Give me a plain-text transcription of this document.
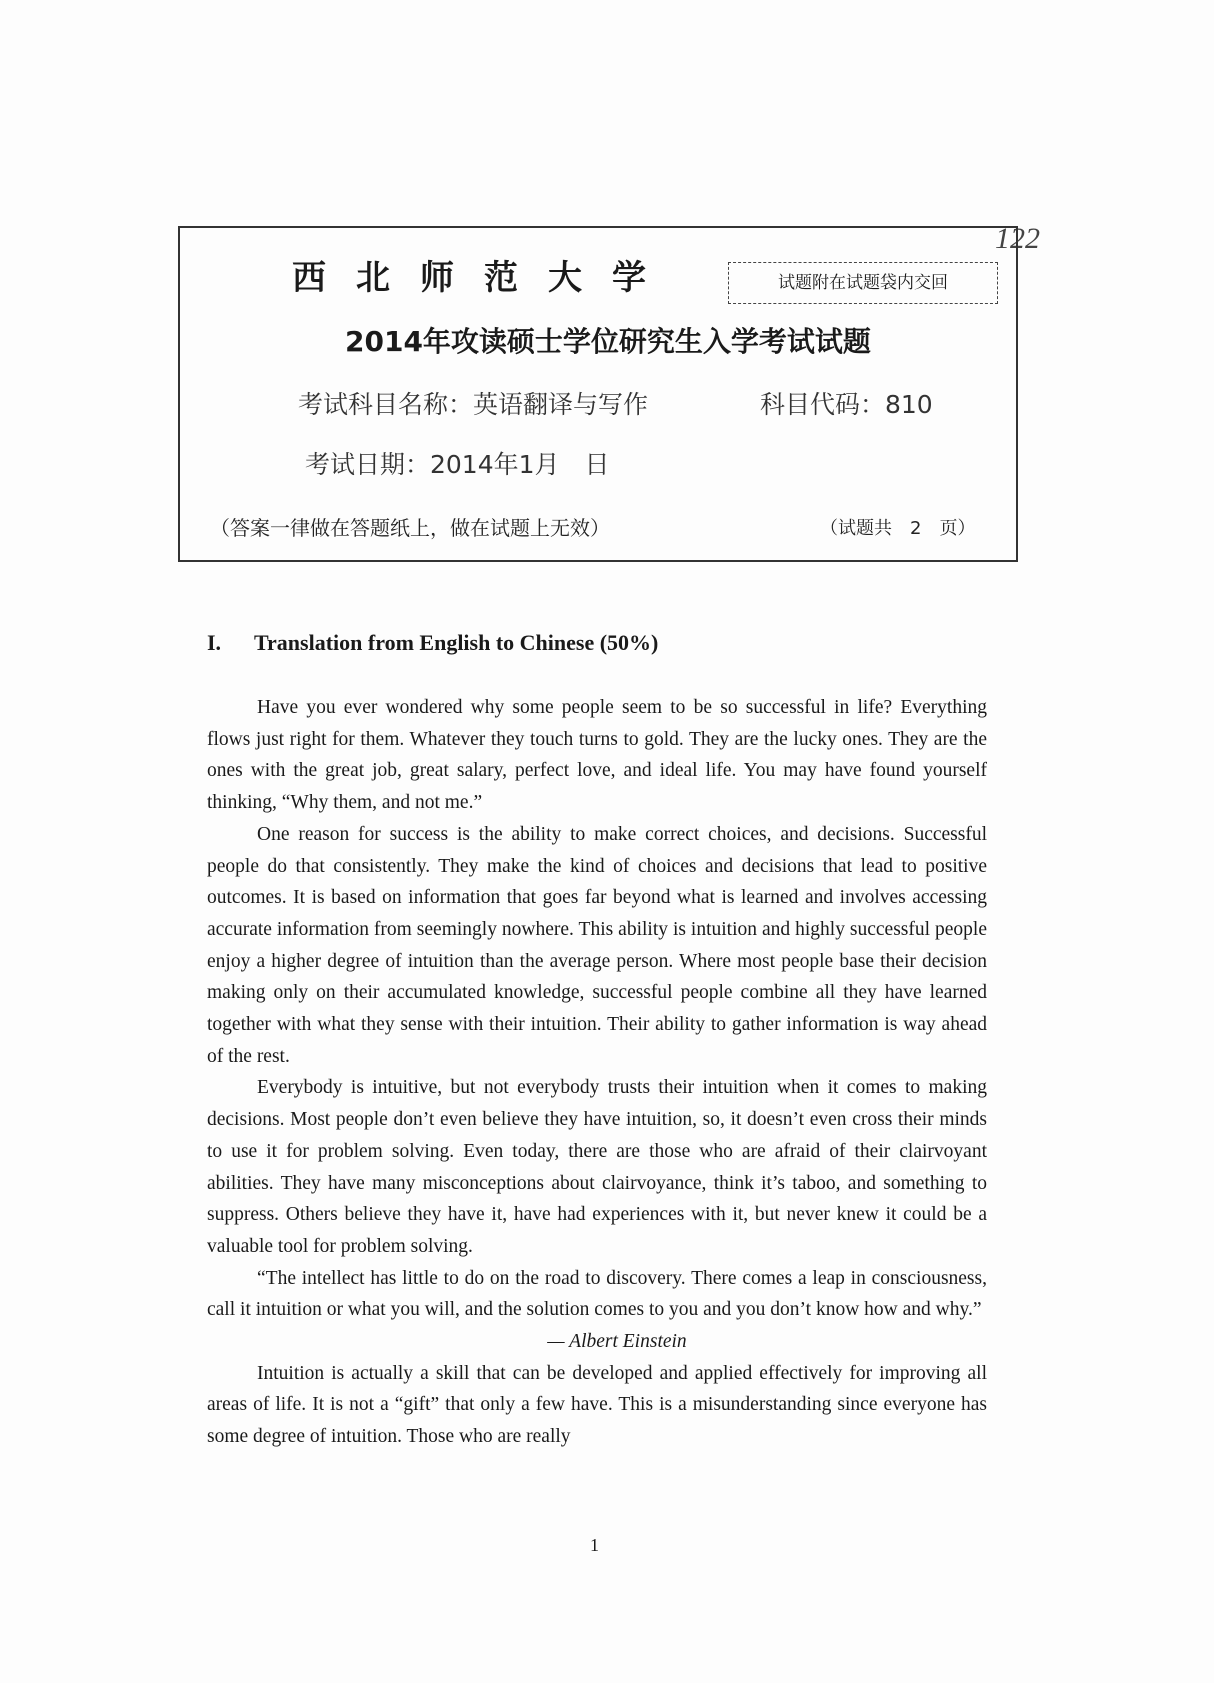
122
西北师范大学	试题附在试题袋内交回
2014年攻读硕士学位研究生入学考试试题
考试科目名称：英语翻译与写作	科目代码：810
考试日期：2014年1月　日
（答案一律做在答题纸上，做在试题上无效）	（试题共　2　页）
I. Translation from English to Chinese (50%)

Have you ever wondered why some people seem to be so successful in life? Everything flows just right for them. Whatever they touch turns to gold. They are the lucky ones. They are the ones with the great job, great salary, perfect love, and ideal life. You may have found yourself thinking, “Why them, and not me.”

One reason for success is the ability to make correct choices, and decisions. Successful people do that consistently. They make the kind of choices and decisions that lead to positive outcomes. It is based on information that goes far beyond what is learned and involves accessing accurate information from seemingly nowhere. This ability is intuition and highly successful people enjoy a higher degree of intuition than the average person. Where most people base their decision making only on their accumulated knowledge, successful people combine all they have learned together with what they sense with their intuition. Their ability to gather information is way ahead of the rest.

Everybody is intuitive, but not everybody trusts their intuition when it comes to making decisions. Most people don’t even believe they have intuition, so, it doesn’t even cross their minds to use it for problem solving. Even today, there are those who are afraid of their clairvoyant abilities. They have many misconceptions about clairvoyance, think it’s taboo, and something to suppress. Others believe they have it, have had experiences with it, but never knew it could be a valuable tool for problem solving.

“The intellect has little to do on the road to discovery. There comes a leap in consciousness, call it intuition or what you will, and the solution comes to you and you don’t know how and why.”

— Albert Einstein

Intuition is actually a skill that can be developed and applied effectively for improving all areas of life. It is not a “gift” that only a few have. This is a misunderstanding since everyone has some degree of intuition. Those who are really

1
